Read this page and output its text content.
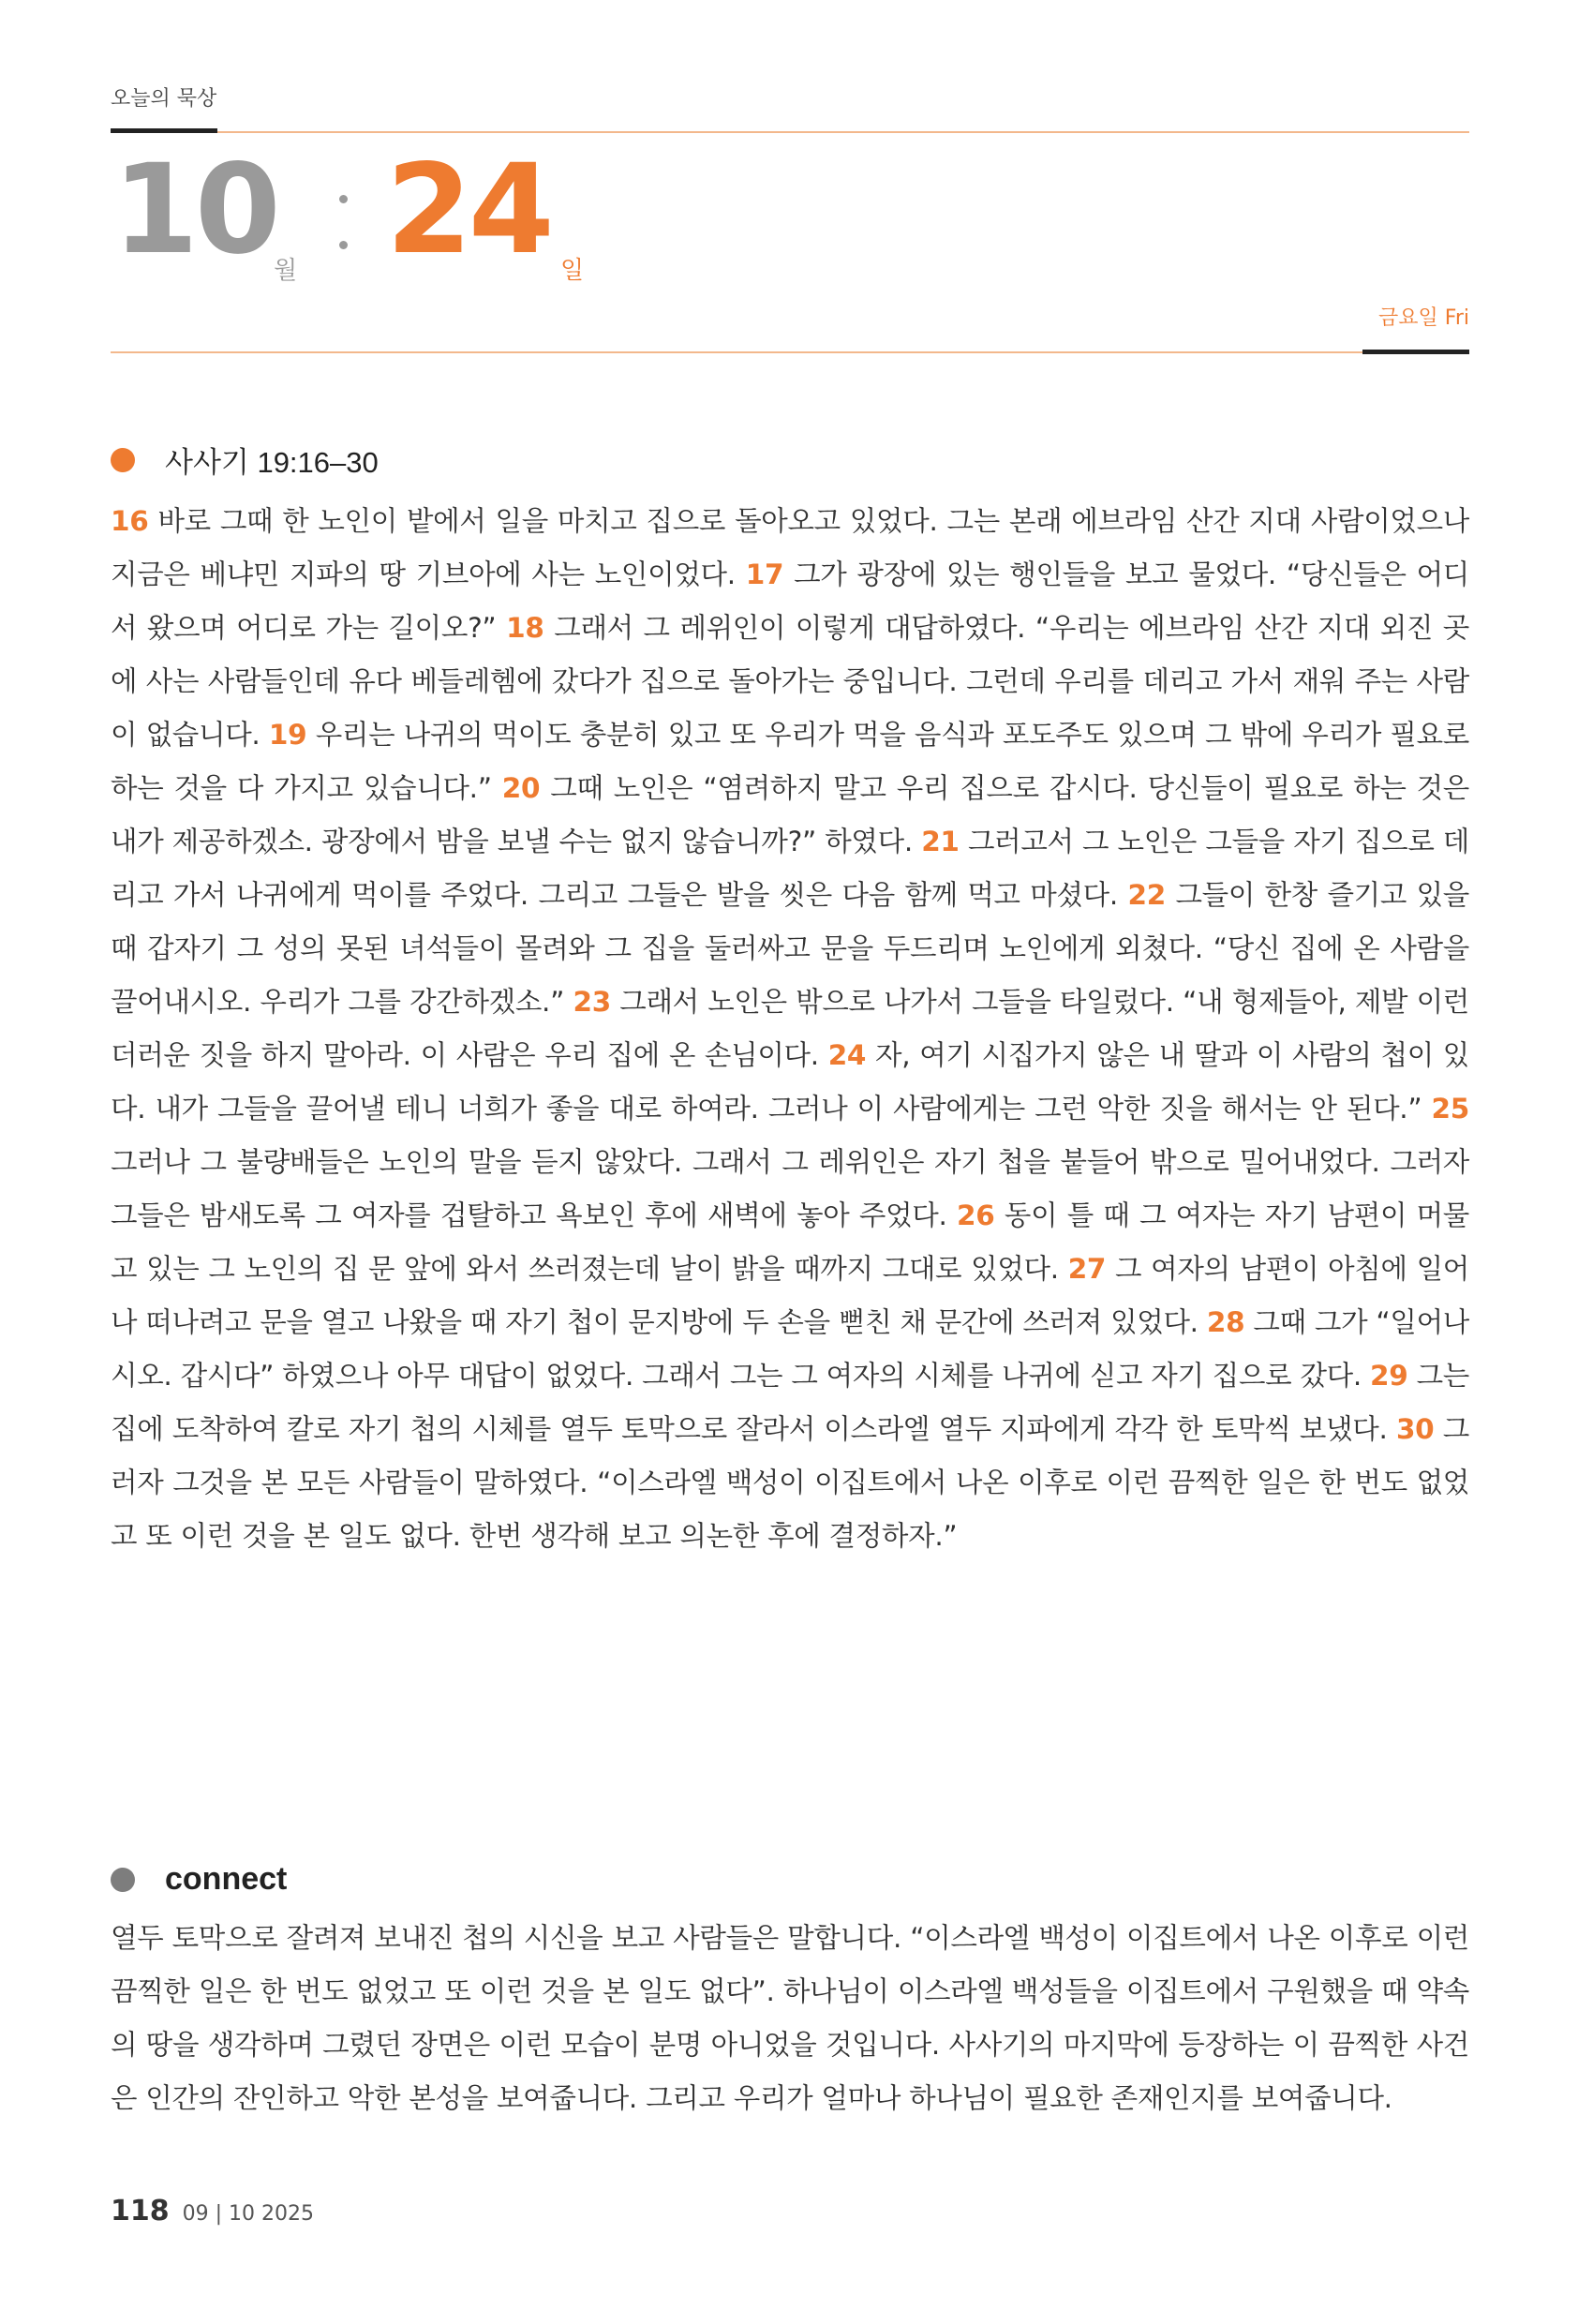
오늘의 묵상
10
월 24 일
금요일 Fri
사사기 19:16–30
16 바로 그때 한 노인이 밭에서 일을 마치고 집으로 돌아오고 있었다. 그는 본래 에브라임 산간 지대 사람이었으나 지금은 베냐민 지파의 땅 기브아에 사는 노인이었다. 17 그가 광장에 있는 행인들을 보고 물었다. “당신들은 어디서 왔으며 어디로 가는 길이오?” 18 그래서 그 레위인이 이렇게 대답하였다. “우리는 에브라임 산간 지대 외진 곳에 사는 사람들인데 유다 베들레헴에 갔다가 집으로 돌아가는 중입니다. 그런데 우리를 데리고 가서 재워 주는 사람이 없습니다. 19 우리는 나귀의 먹이도 충분히 있고 또 우리가 먹을 음식과 포도주도 있으며 그 밖에 우리가 필요로 하는 것을 다 가지고 있습니다.” 20 그때 노인은 “염려하지 말고 우리 집으로 갑시다. 당신들이 필요로 하는 것은 내가 제공하겠소. 광장에서 밤을 보낼 수는 없지 않습니까?” 하였다. 21 그러고서 그 노인은 그들을 자기 집으로 데리고 가서 나귀에게 먹이를 주었다. 그리고 그들은 발을 씻은 다음 함께 먹고 마셨다. 22 그들이 한창 즐기고 있을 때 갑자기 그 성의 못된 녀석들이 몰려와 그 집을 둘러싸고 문을 두드리며 노인에게 외쳤다. “당신 집에 온 사람을 끌어내시오. 우리가 그를 강간하겠소.” 23 그래서 노인은 밖으로 나가서 그들을 타일렀다. “내 형제들아, 제발 이런 더러운 짓을 하지 말아라. 이 사람은 우리 집에 온 손님이다. 24 자, 여기 시집가지 않은 내 딸과 이 사람의 첩이 있다. 내가 그들을 끌어낼 테니 너희가 좋을 대로 하여라. 그러나 이 사람에게는 그런 악한 짓을 해서는 안 된다.” 25 그러나 그 불량배들은 노인의 말을 듣지 않았다. 그래서 그 레위인은 자기 첩을 붙들어 밖으로 밀어내었다. 그러자 그들은 밤새도록 그 여자를 겁탈하고 욕보인 후에 새벽에 놓아 주었다. 26 동이 틀 때 그 여자는 자기 남편이 머물고 있는 그 노인의 집 문 앞에 와서 쓰러졌는데 날이 밝을 때까지 그대로 있었다. 27 그 여자의 남편이 아침에 일어나 떠나려고 문을 열고 나왔을 때 자기 첩이 문지방에 두 손을 뻗친 채 문간에 쓰러져 있었다. 28 그때 그가 “일어나시오. 갑시다” 하였으나 아무 대답이 없었다. 그래서 그는 그 여자의 시체를 나귀에 싣고 자기 집으로 갔다. 29 그는 집에 도착하여 칼로 자기 첩의 시체를 열두 토막으로 잘라서 이스라엘 열두 지파에게 각각 한 토막씩 보냈다. 30 그러자 그것을 본 모든 사람들이 말하였다. “이스라엘 백성이 이집트에서 나온 이후로 이런 끔찍한 일은 한 번도 없었고 또 이런 것을 본 일도 없다. 한번 생각해 보고 의논한 후에 결정하자.”
connect
열두 토막으로 잘려져 보내진 첩의 시신을 보고 사람들은 말합니다. “이스라엘 백성이 이집트에서 나온 이후로 이런 끔찍한 일은 한 번도 없었고 또 이런 것을 본 일도 없다”. 하나님이 이스라엘 백성들을 이집트에서 구원했을 때 약속의 땅을 생각하며 그렸던 장면은 이런 모습이 분명 아니었을 것입니다. 사사기의 마지막에 등장하는 이 끔찍한 사건은 인간의 잔인하고 악한 본성을 보여줍니다. 그리고 우리가 얼마나 하나님이 필요한 존재인지를 보여줍니다.
118 09 | 10 2025
